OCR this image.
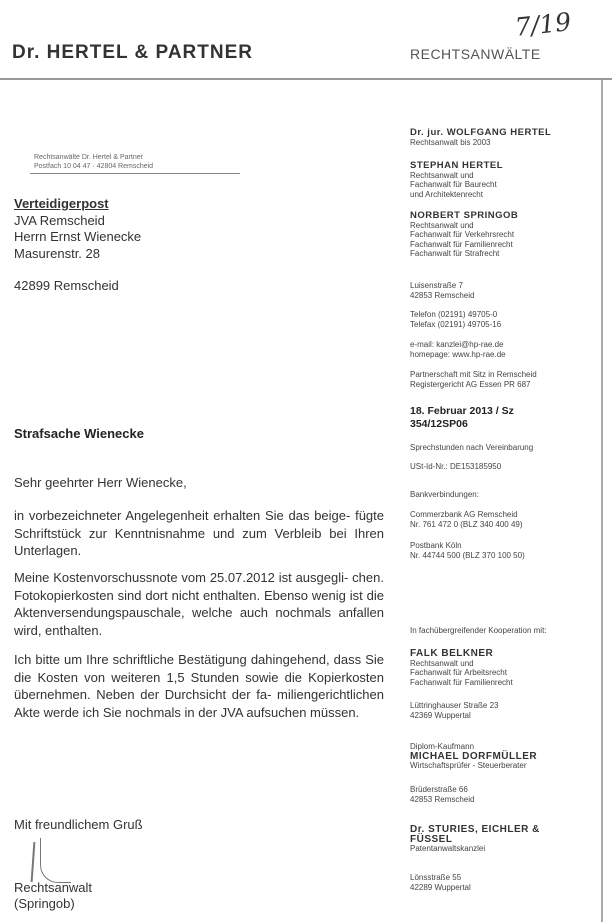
7/19
Dr. HERTEL & PARTNER	RECHTSANWÄLTE
Rechtsanwälte Dr. Hertel & Partner
Postfach 10 04 47 · 42804 Remscheid
Verteidigerpost
JVA Remscheid
Herrn Ernst Wienecke
Masurenstr. 28
42899 Remscheid
Dr. jur. WOLFGANG HERTEL
Rechtsanwalt bis 2003
STEPHAN HERTEL
Rechtsanwalt und
Fachanwalt für Baurecht
und Architektenrecht
NORBERT SPRINGOB
Rechtsanwalt und
Fachanwalt für Verkehrsrecht
Fachanwalt für Familienrecht
Fachanwalt für Strafrecht
Luisenstraße 7
42853 Remscheid
Telefon (02191) 49705-0
Telefax (02191) 49705-16
e-mail: kanzlei@hp-rae.de
homepage: www.hp-rae.de
Partnerschaft mit Sitz in Remscheid
Registergericht AG Essen PR 687
18. Februar 2013 / Sz
354/12SP06
Sprechstunden nach Vereinbarung
USt-Id-Nr.: DE153185950
Bankverbindungen:
Commerzbank AG Remscheid
Nr. 761 472 0 (BLZ 340 400 49)
Postbank Köln
Nr. 44744 500 (BLZ 370 100 50)
In fachübergreifender Kooperation mit:
FALK BELKNER
Rechtsanwalt und
Fachanwalt für Arbeitsrecht
Fachanwalt für Familienrecht
Lüttringhauser Straße 23
42369 Wuppertal
Diplom-Kaufmann
MICHAEL DORFMÜLLER
Wirtschaftsprüfer - Steuerberater
Brüderstraße 66
42853 Remscheid
Dr. STURIES, EICHLER &
FÜSSEL
Patentanwaltskanzlei
Lönsstraße 55
42289 Wuppertal
Strafsache Wienecke
Sehr geehrter Herr Wienecke,
in vorbezeichneter Angelegenheit erhalten Sie das beige- fügte Schriftstück zur Kenntnisnahme und zum Verbleib bei Ihren Unterlagen.
Meine Kostenvorschussnote vom 25.07.2012 ist ausgegli- chen. Fotokopierkosten sind dort nicht enthalten. Ebenso wenig ist die Aktenversendungspauschale, welche auch nochmals anfallen wird, enthalten.
Ich bitte um Ihre schriftliche Bestätigung dahingehend, dass Sie die Kosten von weiteren 1,5 Stunden sowie die Kopierkosten übernehmen. Neben der Durchsicht der fa- miliengerichtlichen Akte werde ich Sie nochmals in der JVA aufsuchen müssen.
Mit freundlichem Gruß
Rechtsanwalt
(Springob)
